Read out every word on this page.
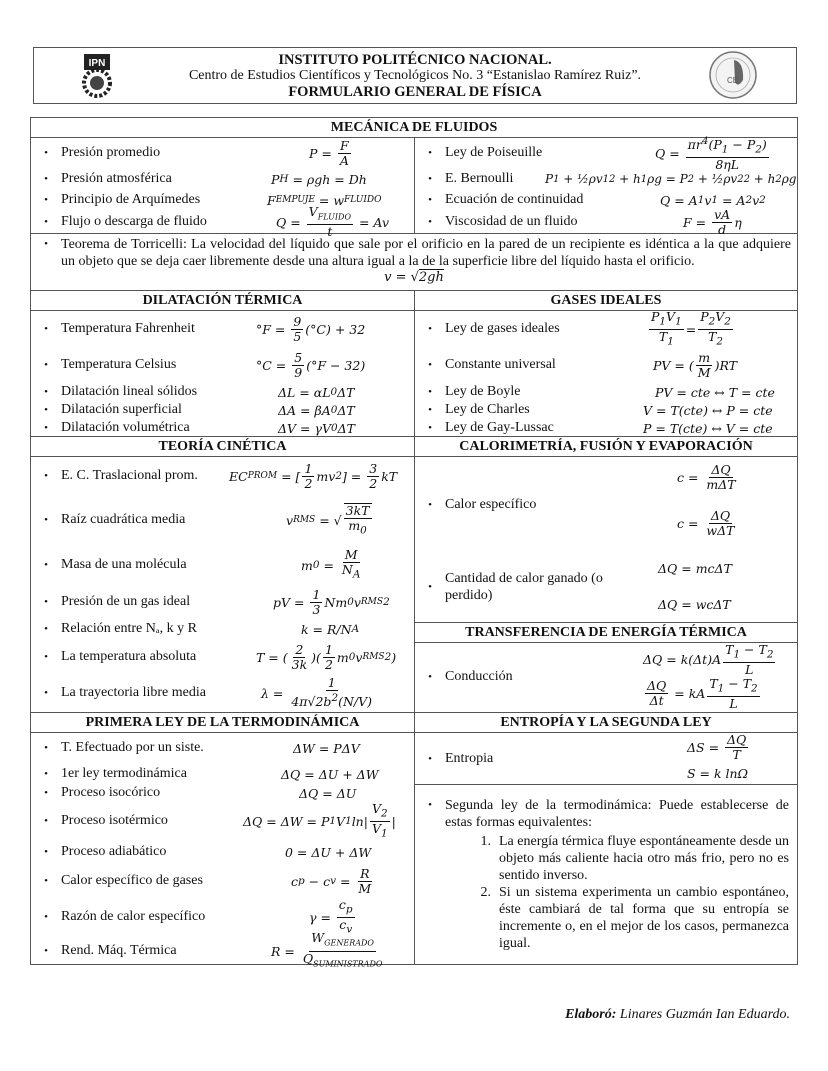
IPN	INSTITUTO POLITÉCNICO NACIONAL.
Centro de Estudios Científicos y Tecnológicos No. 3 “Estanislao Ramírez Ruiz”.
FORMULARIO GENERAL DE FÍSICA
CE
MECÁNICA DE FLUIDOS
• Presión promedio	$P = \frac{F}{A}$
• Presión atmosférica	P H = ρgh = Dh
• Principio de Arquímedes	F EMPUJE = w FLUIDO
• Flujo o descarga de fluido	$Q = \frac{V_{FLUIDO}}{t} = Av$
• Ley de Poiseuille	$Q = \frac{\pi r^4(P_1 - P_2)}{8\eta L}$
• E. Bernoulli	P 1 + ½ρv 1 2 + h 1 ρg = P 2 + ½ρv 2 2 + h 2 ρg
• Ecuación de continuidad	Q = A 1 v 1 = A 2 v 2
• Viscosidad de un fluido	$F = \frac{vA}{d}$ η
• Teorema de Torricelli: La velocidad del líquido que sale por el orificio en la pared de un recipiente es idéntica a la que adquiere un objeto que se deja caer libremente desde una altura igual a la de la superficie libre del líquido hasta el orificio.
v = √2gh
DILATACIÓN TÉRMICA
• Temperatura Fahrenheit	$^\circ F = \frac{9}{5} (^\circ C) + 32$
• Temperatura Celsius	$^\circ C = \frac{5}{9} (^\circ F - 32)$
• Dilatación lineal sólidos	ΔL = αL 0 ΔT
• Dilatación superficial	ΔA = βA 0 ΔT
• Dilatación volumétrica	ΔV = γV 0 ΔT
GASES IDEALES
• Ley de gases ideales	$\frac{P_1V_1}{T_1} = \frac{P_2V_2}{T_2}$
• Constante universal	PV = ( $\frac{m}{M} )RT$
• Ley de Boyle	PV = cte ↔ T = cte
• Ley de Charles	V = T(cte) ↔ P = cte
• Ley de Gay-Lussac	P = T(cte) ↔ V = cte
TEORÍA CINÉTICA
• E. C. Traslacional prom. EC PROM = [ $\frac{1}{2}$ mv 2 ] = $\frac{3}{2}$ kT
• Raíz cuadrática media	v RMS = √ $\frac{3kT}{m_0}$
• Masa de una molécula	m $0 = \frac{M}{N_A}$
• Presión de un gas ideal	pV = $\frac{1}{3}$ Nm 0 v RMS 2
• Relación entre Nₐ, k y R	k = R/N A
• La temperatura absoluta	T = ( $\frac{2}{3k}$ )( $\frac{1}{2}$ m 0 v RMS 2 )
• La trayectoria libre media	$\lambda = \frac{1}{4\pi√2b^2(N/V)}$
CALORIMETRÍA, FUSIÓN Y EVAPORACIÓN
• Calor específico
$c = \frac{\Delta Q}{\text{mΔT}}$
$c = \frac{\Delta Q}{\text{wΔT}}$
•
Cantidad de calor ganado (o perdido)
ΔQ = mcΔT
ΔQ = wcΔT
TRANSFERENCIA DE ENERGÍA TÉRMICA
• Conducción
$\Delta Q = k(\Delta t)A \frac{T_1 - T_2}{L}$
$\frac{\Delta Q}{\Delta t}$ = kA $\frac{T_1 - T_2}{L}$
PRIMERA LEY DE LA TERMODINÁMICA
• T. Efectuado por un siste.	ΔW = PΔV
• 1er ley termodinámica	ΔQ = ΔU + ΔW
• Proceso isocórico	ΔQ = ΔU
• Proceso isotérmico	ΔQ = ΔW = P 1 V 1 $\ln| \frac{V_2}{V_1}$ |
• Proceso adiabático	0 = ΔU + ΔW
• Calor específico de gases	c p − c $v = \frac{R}{M}$
• Razón de calor específico	$\gamma = \frac{c_p}{c_v}$
• Rend. Máq. Térmica	$R = \frac{W_{GENERADO}}{Q_{SUMINISTRADO}}$
ENTROPÍA Y LA SEGUNDA LEY
• Entropia
$\Delta S = \frac{\Delta Q}{T}$
S = k lnΩ
• Segunda ley de la termodinámica: Puede establecerse de estas formas equivalentes:
1. La energía térmica fluye espontáneamente desde un objeto más caliente hacia otro más frio, pero no es sentido inverso.
2. Si un sistema experimenta un cambio espontáneo, éste cambiará de tal forma que su entropía se incremente o, en el mejor de los casos, permanezca igual.
Elaboró: Linares Guzmán Ian Eduardo.
